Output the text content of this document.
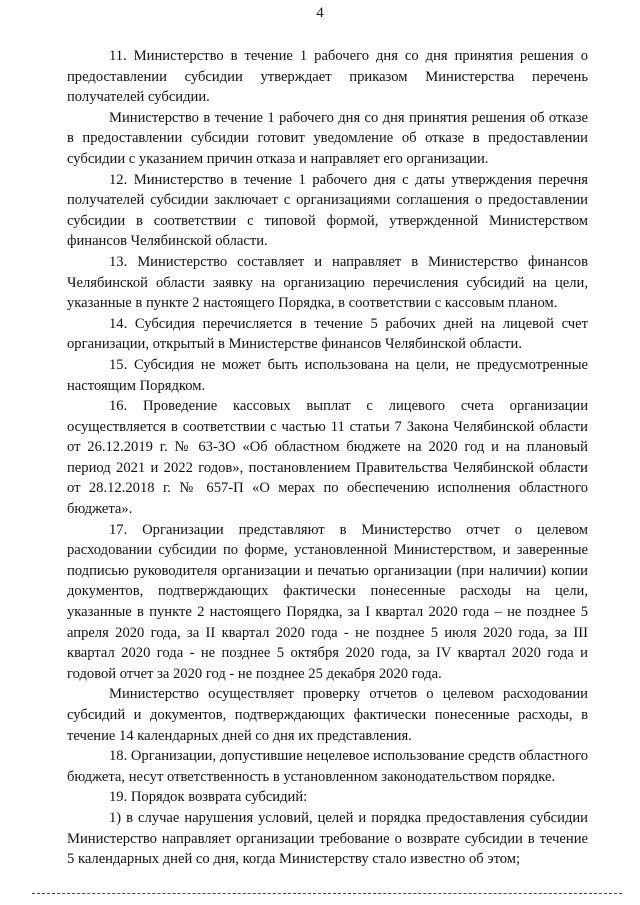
4

11. Министерство в течение 1 рабочего дня со дня принятия решения о предоставлении субсидии утверждает приказом Министерства перечень получателей субсидии.

Министерство в течение 1 рабочего дня со дня принятия решения об отказе в предоставлении субсидии готовит уведомление об отказе в предоставлении субсидии с указанием причин отказа и направляет его организации.

12. Министерство в течение 1 рабочего дня с даты утверждения перечня получателей субсидии заключает с организациями соглашения о предоставлении субсидии в соответствии с типовой формой, утвержденной Министерством финансов Челябинской области.

13. Министерство составляет и направляет в Министерство финансов Челябинской области заявку на организацию перечисления субсидий на цели, указанные в пункте 2 настоящего Порядка, в соответствии с кассовым планом.

14. Субсидия перечисляется в течение 5 рабочих дней на лицевой счет организации, открытый в Министерстве финансов Челябинской области.

15. Субсидия не может быть использована на цели, не предусмотренные настоящим Порядком.

16. Проведение кассовых выплат с лицевого счета организации осуществляется в соответствии с частью 11 статьи 7 Закона Челябинской области от 26.12.2019 г. № 63-ЗО «Об областном бюджете на 2020 год и на плановый период 2021 и 2022 годов», постановлением Правительства Челябинской области от 28.12.2018 г. № 657-П «О мерах по обеспечению исполнения областного бюджета».

17. Организации представляют в Министерство отчет о целевом расходовании субсидии по форме, установленной Министерством, и заверенные подписью руководителя организации и печатью организации (при наличии) копии документов, подтверждающих фактически понесенные расходы на цели, указанные в пункте 2 настоящего Порядка, за I квартал 2020 года – не позднее 5 апреля 2020 года, за II квартал 2020 года - не позднее 5 июля 2020 года, за III квартал 2020 года - не позднее 5 октября 2020 года, за IV квартал 2020 года и годовой отчет за 2020 год - не позднее 25 декабря 2020 года.

Министерство осуществляет проверку отчетов о целевом расходовании субсидий и документов, подтверждающих фактически понесенные расходы, в течение 14 календарных дней со дня их представления.

18. Организации, допустившие нецелевое использование средств областного бюджета, несут ответственность в установленном законодательством порядке.

19. Порядок возврата субсидий:

1) в случае нарушения условий, целей и порядка предоставления субсидии Министерство направляет организации требование о возврате субсидии в течение 5 календарных дней со дня, когда Министерству стало известно об этом;
